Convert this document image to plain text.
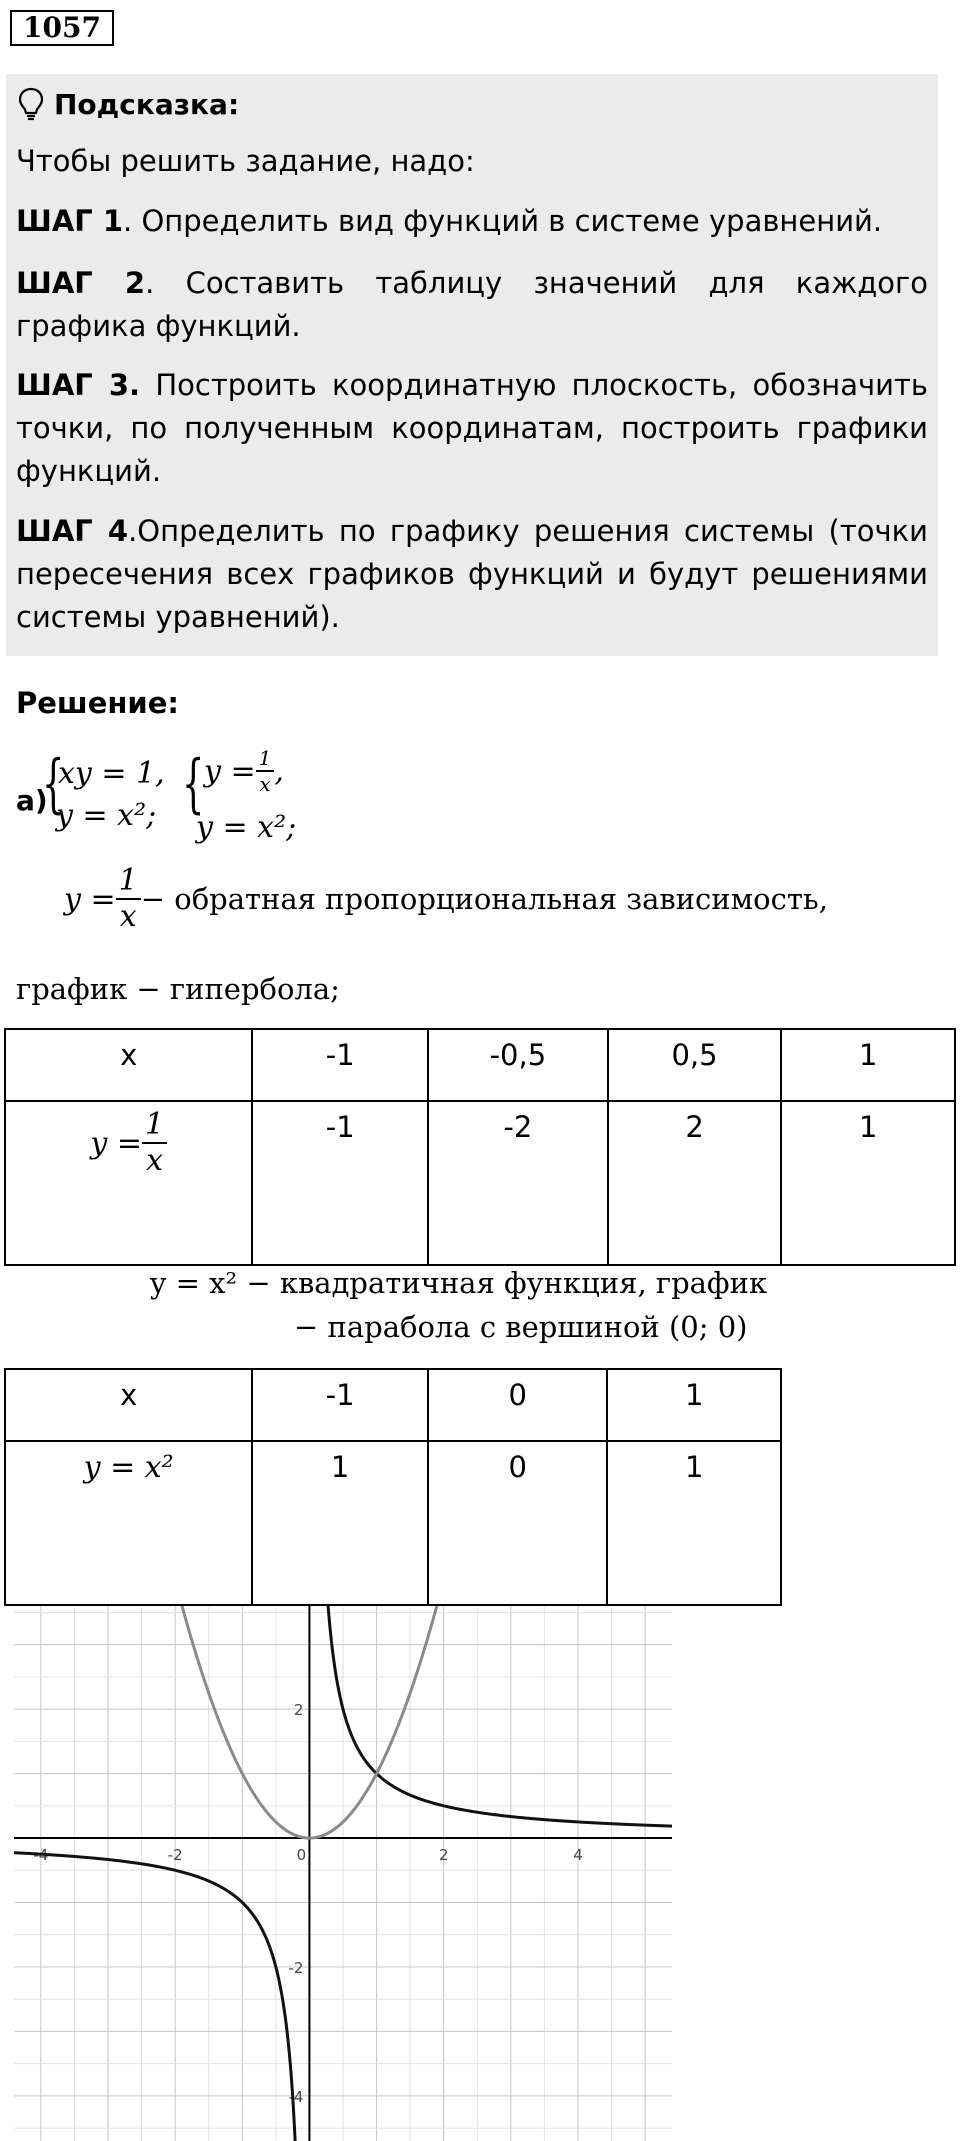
1057
Подсказка:
Чтобы решить задание, надо:
ШАГ 1. Определить вид функций в системе уравнений.
ШАГ 2. Составить таблицу значений для каждого графика функций.
ШАГ 3. Построить координатную плоскость, обозначить точки, по полученным координатам, построить графики функций.
ШАГ 4.Определить по графику решения системы (точки пересечения всех графиков функций и будут решениями системы уравнений).
Решение:
а)
{
xy = 1,
y = x²; { $y = \frac{1}{x}$ ,
y = x²;
$y = \frac{1}{x}$ − обратная пропорциональная зависимость,
график − гипербола;
x	-1	-0,5	0,5	1

$y = \frac{1}{x}$	-1	-2	2	1
y = x² − квадратичная функция, график
− парабола с вершиной (0; 0)
x	-1	0	1
y = x²	1	0	1
-4	-2	0	2	4
2
-2
-4
